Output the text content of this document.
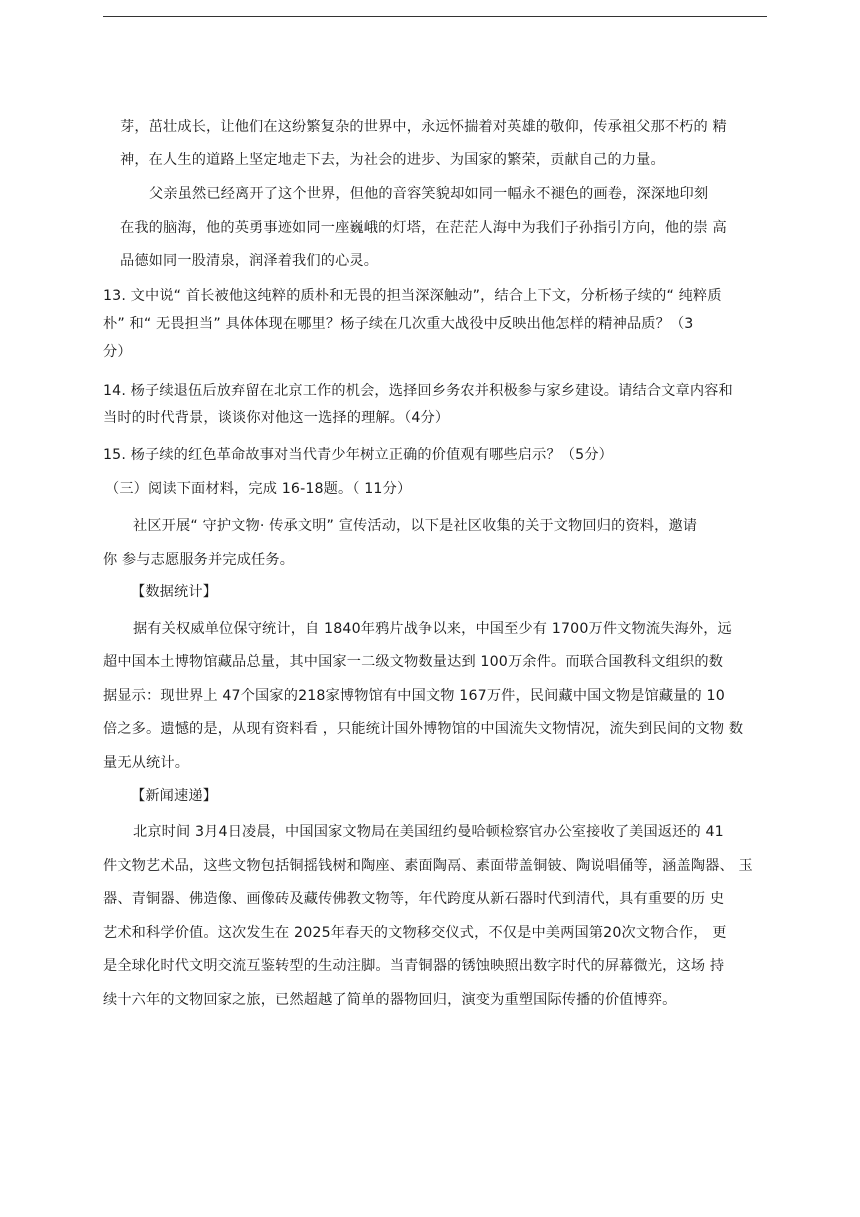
芽，茁壮成长，让他们在这纷繁复杂的世界中，永远怀揣着对英雄的敬仰，传承祖父那不朽的 精
神，在人生的道路上坚定地走下去，为社会的进步、为国家的繁荣，贡献自己的力量。
父亲虽然已经离开了这个世界，但他的音容笑貌却如同一幅永不褪色的画卷，深深地印刻
在我的脑海，他的英勇事迹如同一座巍峨的灯塔，在茫茫人海中为我们子孙指引方向，他的崇 高
品德如同一股清泉，润泽着我们的心灵。
13. 文中说“ 首长被他这纯粹的质朴和无畏的担当深深触动”，结合上下文，分析杨子续的“ 纯粹质
朴” 和“ 无畏担当” 具体体现在哪里？杨子续在几次重大战役中反映出他怎样的精神品质？（3
分）
14. 杨子续退伍后放弃留在北京工作的机会，选择回乡务农并积极参与家乡建设。请结合文章内容和
当时的时代背景，谈谈你对他这一选择的理解。（4分）
15. 杨子续的红色革命故事对当代青少年树立正确的价值观有哪些启示？（5分）
（三）阅读下面材料，完成 16-18题。（ 11分）
社区开展“ 守护文物· 传承文明” 宣传活动，以下是社区收集的关于文物回归的资料，邀请
你 参与志愿服务并完成任务。
【数据统计】
据有关权威单位保守统计，自 1840年鸦片战争以来，中国至少有 1700万件文物流失海外，远
超中国本土博物馆藏品总量，其中国家一二级文物数量达到 100万余件。而联合国教科文组织的数
据显示：现世界上 47个国家的218家博物馆有中国文物 167万件，民间藏中国文物是馆藏量的 10
倍之多。遗憾的是，从现有资料看 ，只能统计国外博物馆的中国流失文物情况，流失到民间的文物 数
量无从统计。
【新闻速递】
北京时间 3月4日凌晨，中国国家文物局在美国纽约曼哈顿检察官办公室接收了美国返还的 41
件文物艺术品，这些文物包括铜摇钱树和陶座、素面陶鬲、素面带盖铜铍、陶说唱俑等，涵盖陶器、 玉
器、青铜器、佛造像、画像砖及藏传佛教文物等，年代跨度从新石器时代到清代，具有重要的历 史
艺术和科学价值。这次发生在 2025年春天的文物移交仪式，不仅是中美两国第20次文物合作， 更
是全球化时代文明交流互鉴转型的生动注脚。当青铜器的锈蚀映照出数字时代的屏幕微光，这场 持
续十六年的文物回家之旅，已然超越了简单的器物回归，演变为重塑国际传播的价值博弈。
